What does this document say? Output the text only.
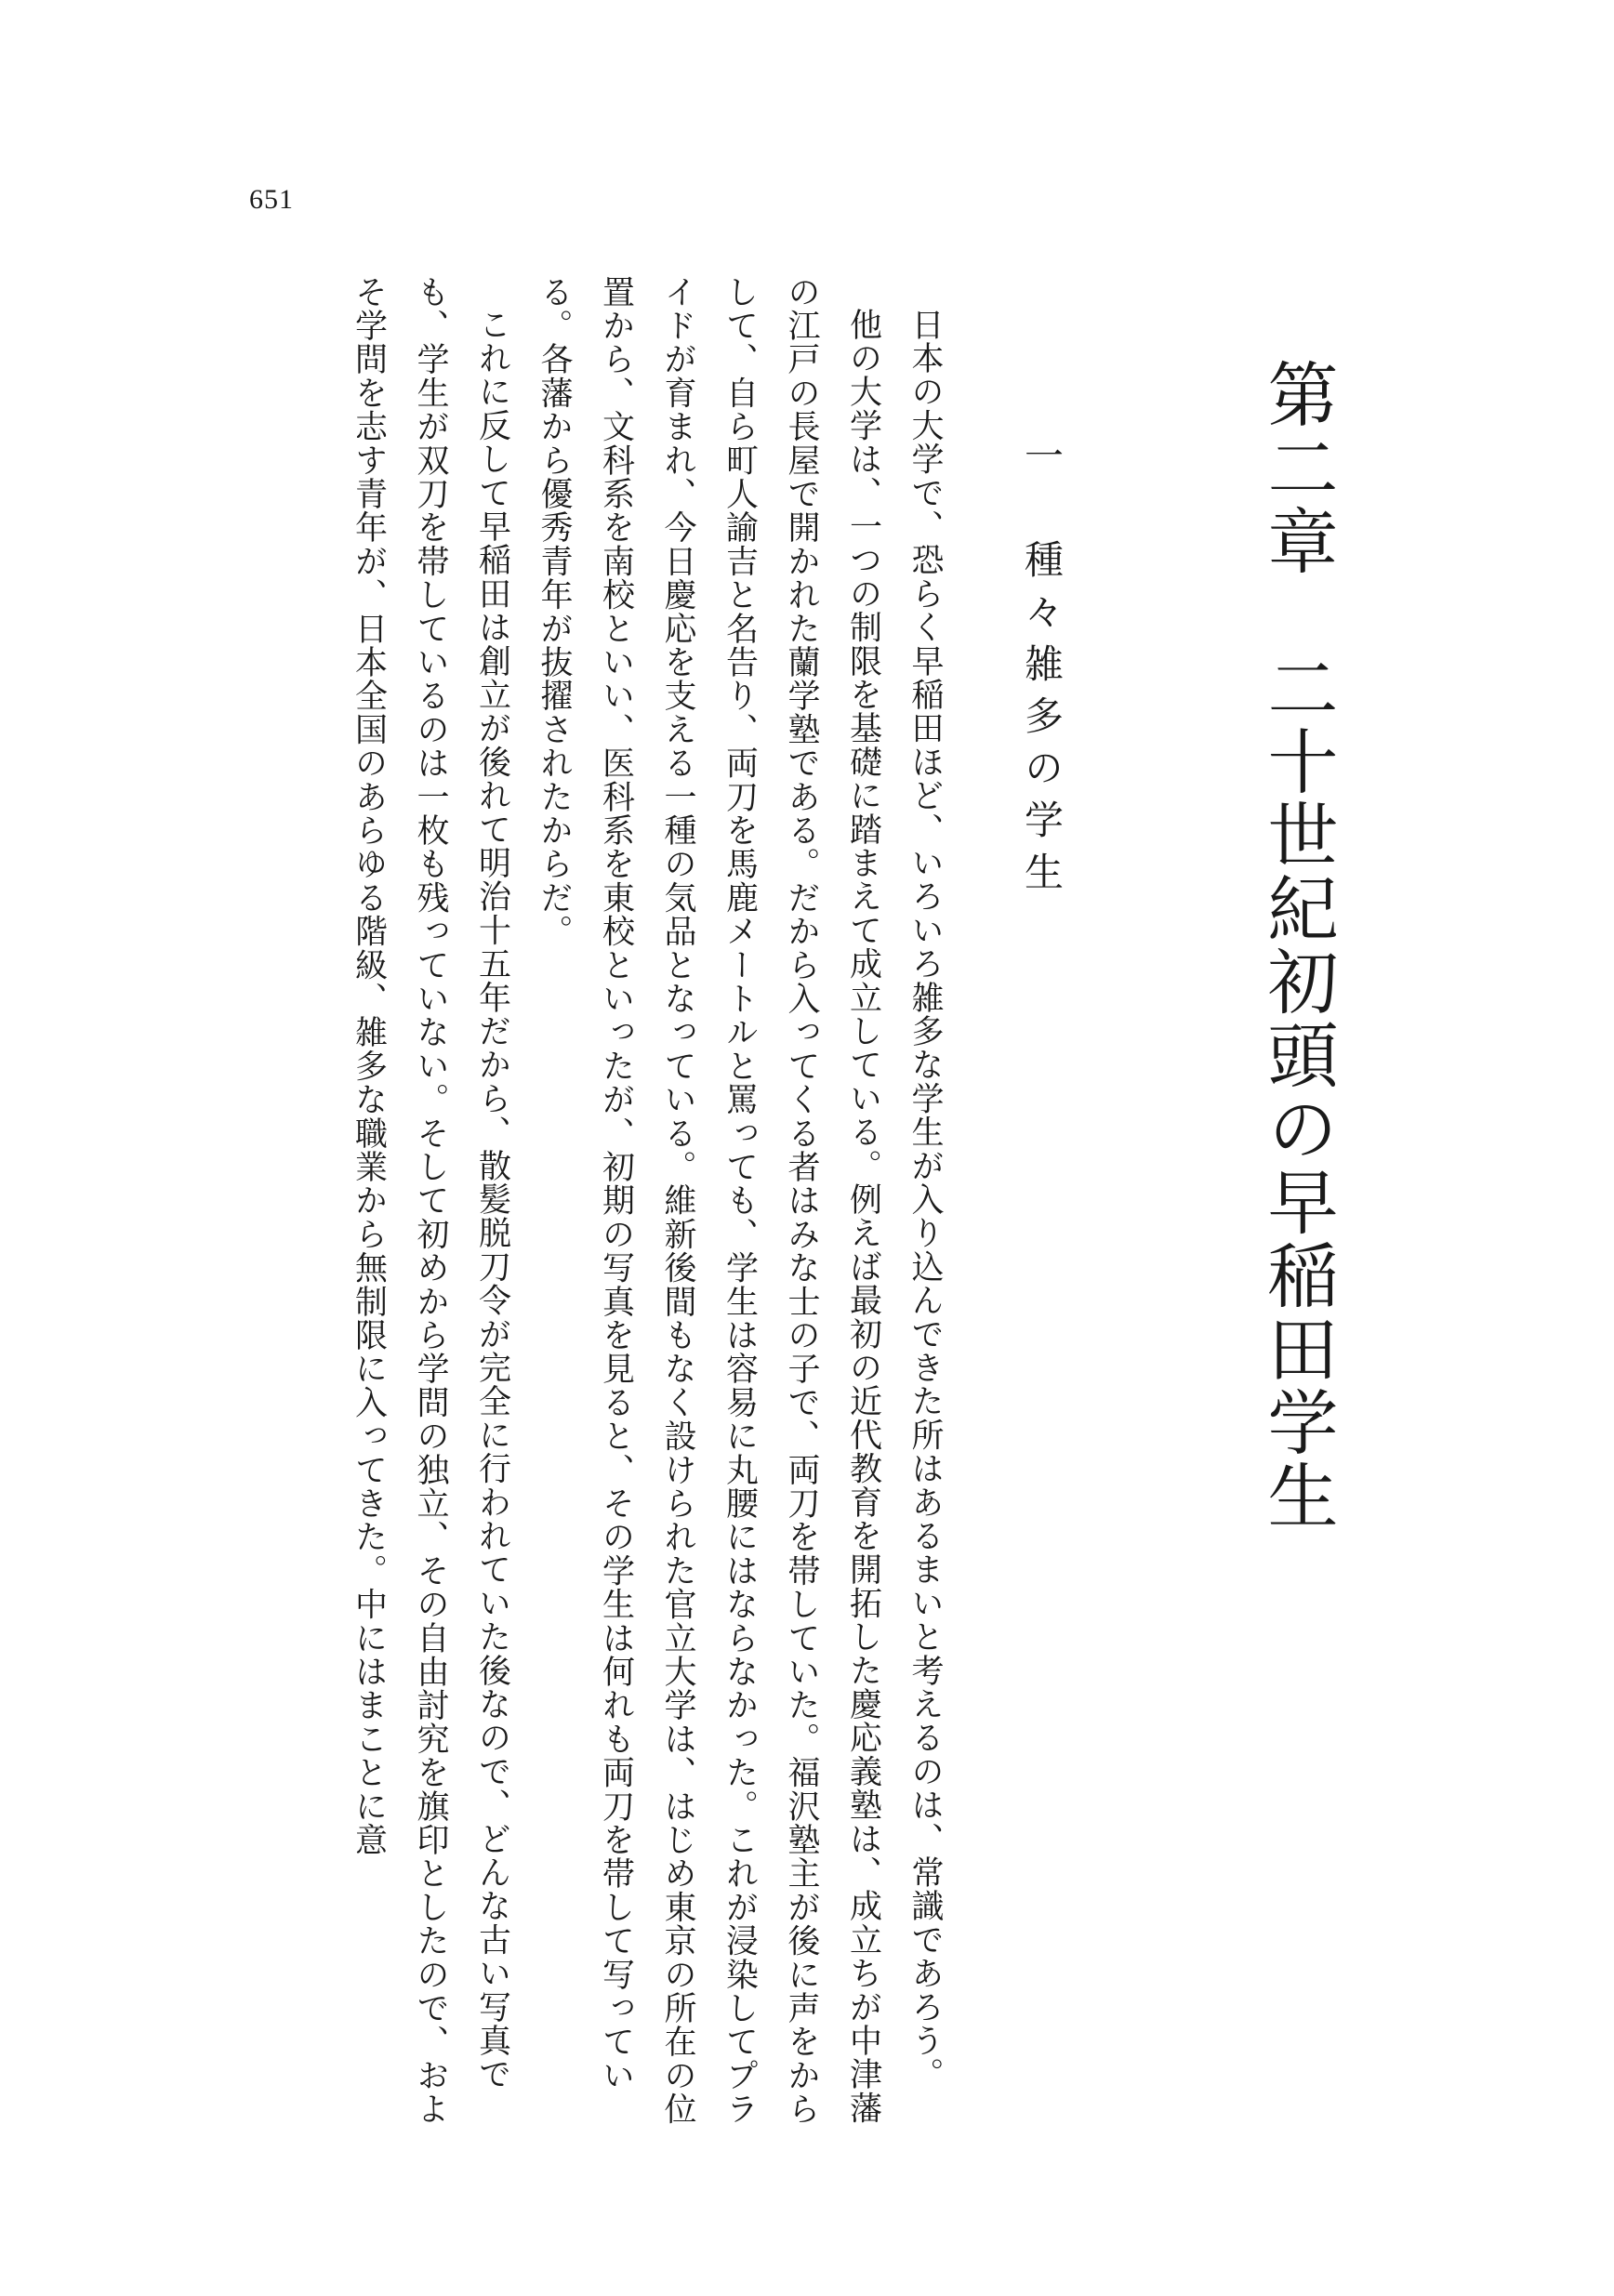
651
第二章　二十世紀初頭の早稲田学生
一　種々雑多の学生

日本の大学で、恐らく早稲田ほど、いろいろ雑多な学生が入り込んできた所はあるまいと考えるのは、常識であろう。

他の大学は、一つの制限を基礎に踏まえて成立している。例えば最初の近代教育を開拓した慶応義塾は、成立ちが中津藩の江戸の長屋で開かれた蘭学塾である。だから入ってくる者はみな士の子で、両刀を帯していた。福沢塾主が後に声をからして、自ら町人諭吉と名告り、両刀を馬鹿メートルと罵っても、学生は容易に丸腰にはならなかった。これが浸染してプライドが育まれ、今日慶応を支える一種の気品となっている。維新後間もなく設けられた官立大学は、はじめ東京の所在の位置から、文科系を南校といい、医科系を東校といったが、初期の写真を見ると、その学生は何れも両刀を帯して写っている。各藩から優秀青年が抜擢されたからだ。

これに反して早稲田は創立が後れて明治十五年だから、散髪脱刀令が完全に行われていた後なので、どんな古い写真でも、学生が双刀を帯しているのは一枚も残っていない。そして初めから学問の独立、その自由討究を旗印としたので、およそ学問を志す青年が、日本全国のあらゆる階級、雑多な職業から無制限に入ってきた。中にはまことに意
